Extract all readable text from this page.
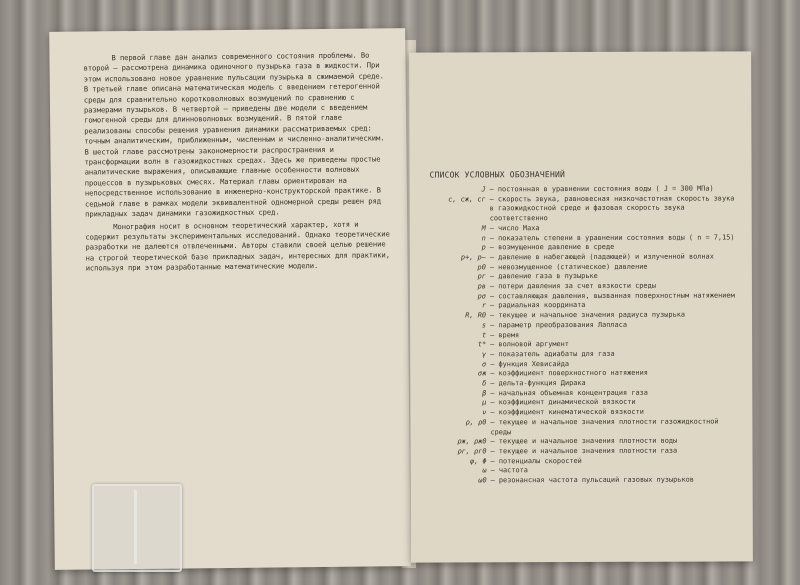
В первой главе дан анализ современного состояния проблемы. Во второй – рассмотрена динамика одиночного пузырька газа в жидкости. При этом использовано новое уравнение пульсации пузырька в сжимаемой среде. В третьей главе описана математическая модель с введением гетерогенной среды для сравнительно коротковолновых возмущений по сравнению с размерами пузырьков. В четвертой – приведены две модели с введением гомогенной среды для длинноволновых возмущений. В пятой главе реализованы способы решения уравнения динамики рассматриваемых сред: точным аналитическим, приближенным, численным и численно-аналитическим. В шестой главе рассмотрены закономерности распространения и трансформации волн в газожидкостных средах. Здесь же приведены простые аналитические выражения, описывающие главные особенности волновых процессов в пузырьковых смесях. Материал главы ориентирован на непосредственное использование в инженерно-конструкторской практике. В седьмой главе в рамках модели эквивалентной одномерной среды решен ряд прикладных задач динамики газожидкостных сред.

Монография носит в основном теоретический характер, хотя и содержит результаты экспериментальных исследований. Однако теоретические разработки не далеются отвлеченными. Авторы ставили своей целью решение на строгой теоретической базе прикладных задач, интересных для практики, используя при этом разработанные математические модели.

СПИСОК УСЛОВНЫХ ОБОЗНАЧЕНИЙ
J – постоянная в уравнении состояния воды ( J = 300 МПа)
c, cж, cг – скорость звука, равновесная низкочастотная скорость звука в газожидкостной среде и фазовая скорость звука соответственно
M – число Маха
n – показатель степени в уравнении состояния воды ( n = 7,15)
p – возмущенное давление в среде
p+, p– – давление в набегающей (падающей) и излученной волнах
p0 – невозмущенное (статическое) давление
pг – давление газа в пузырьке
pв – потери давления за счет вязкости среды
pσ – составляющая давления, вызванная поверхностным натяжением
r – радиальная координата
R, R0 – текущее и начальное значения радиуса пузырька
s – параметр преобразования Лапласа
t – время
t* – волновой аргумент
γ – показатель адиабаты для газа
σ – функция Хевисайда
σж – коэффициент поверхностного натяжения
δ – дельта-функция Дирака
β – начальная объемная концентрация газа
μ – коэффициент динамической вязкости
ν – коэффициент кинематической вязкости
ρ, ρ0 – текущее и начальное значения плотности газожидкостной среды
ρж, ρж0 – текущее и начальное значения плотности воды
ρг, ρг0 – текущее и начальное значения плотности газа
φ, Φ – потенциалы скоростей
ω – частота
ω0 – резонансная частота пульсаций газовых пузырьков
